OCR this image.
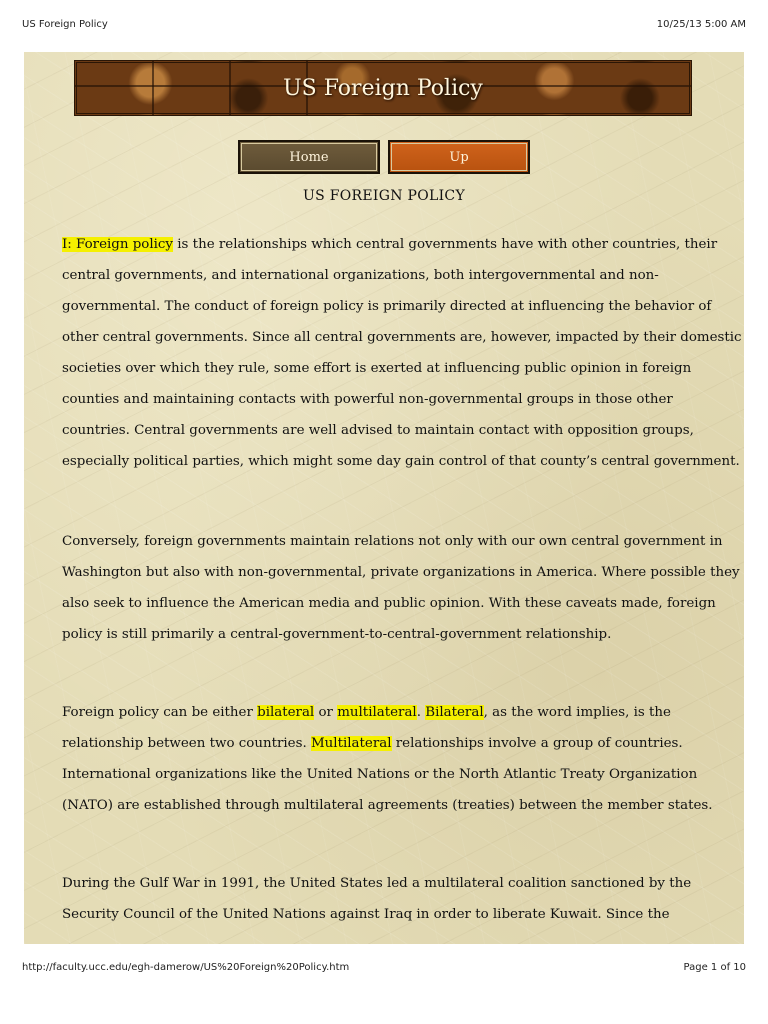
US Foreign Policy	10/25/13 5:00 AM
US Foreign Policy
Home	Up
US FOREIGN POLICY

I: Foreign policy is the relationships which central governments have with other countries, their central governments, and international organizations, both intergovernmental and non-governmental. The conduct of foreign policy is primarily directed at influencing the behavior of other central governments. Since all central governments are, however, impacted by their domestic societies over which they rule, some effort is exerted at influencing public opinion in foreign counties and maintaining contacts with powerful non-governmental groups in those other countries. Central governments are well advised to maintain contact with opposition groups, especially political parties, which might some day gain control of that county’s central government.

Conversely, foreign governments maintain relations not only with our own central government in Washington but also with non-governmental, private organizations in America. Where possible they also seek to influence the American media and public opinion. With these caveats made, foreign policy is still primarily a central-government-to-central-government relationship.

Foreign policy can be either bilateral or multilateral. Bilateral, as the word implies, is the relationship between two countries. Multilateral relationships involve a group of countries. International organizations like the United Nations or the North Atlantic Treaty Organization (NATO) are established through multilateral agreements (treaties) between the member states.

During the Gulf War in 1991, the United States led a multilateral coalition sanctioned by the Security Council of the United Nations against Iraq in order to liberate Kuwait. Since the

http://faculty.ucc.edu/egh-damerow/US%20Foreign%20Policy.htm	Page 1 of 10
